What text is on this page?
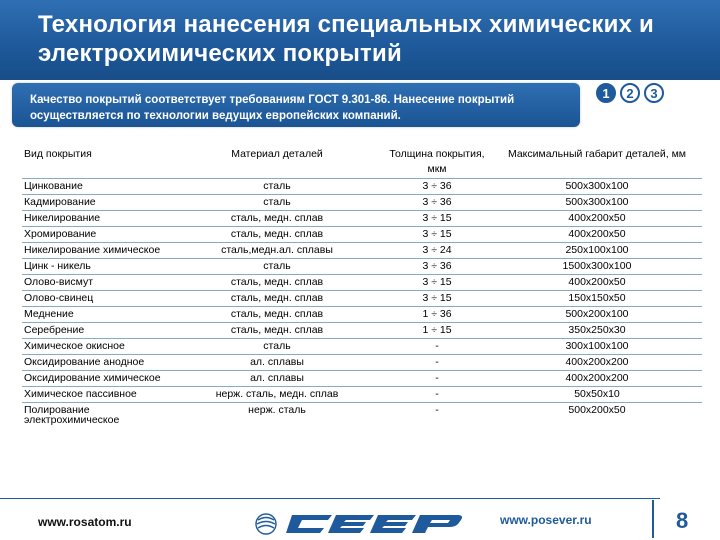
Технология нанесения специальных химических и электрохимических покрытий
Качество покрытий соответствует требованиям ГОСТ 9.301-86. Нанесение покрытий осуществляется по технологии ведущих европейских компаний.
1	2	3
Вид покрытия	Материал деталей	Толщина покрытия, мкм	Максимальный габарит деталей, мм
Цинкование	сталь	3 ÷ 36	500x300x100
Кадмирование	сталь	3 ÷ 36	500x300x100
Никелирование	сталь, медн. сплав	3 ÷ 15	400x200x50
Хромирование	сталь, медн. сплав	3 ÷ 15	400x200x50
Никелирование химическое	сталь,медн.ал. сплавы	3 ÷ 24	250x100x100
Цинк - никель	сталь	3 ÷ 36	1500x300x100
Олово-висмут	сталь, медн. сплав	3 ÷ 15	400x200x50
Олово-свинец	сталь, медн. сплав	3 ÷ 15	150x150x50
Меднение	сталь, медн. сплав	1 ÷ 36	500x200x100
Серебрение	сталь, медн. сплав	1 ÷ 15	350x250x30
Химическое окисное	сталь	-	300x100x100
Оксидирование анодное	ал. сплавы	-	400x200x200
Оксидирование химическое	ал. сплавы	-	400x200x200
Химическое пассивное	нерж. сталь, медн. сплав	-	50x50x10
Полирование электрохимическое	нерж. сталь	-	500x200x50
www.rosatom.ru	www.posever.ru	8
